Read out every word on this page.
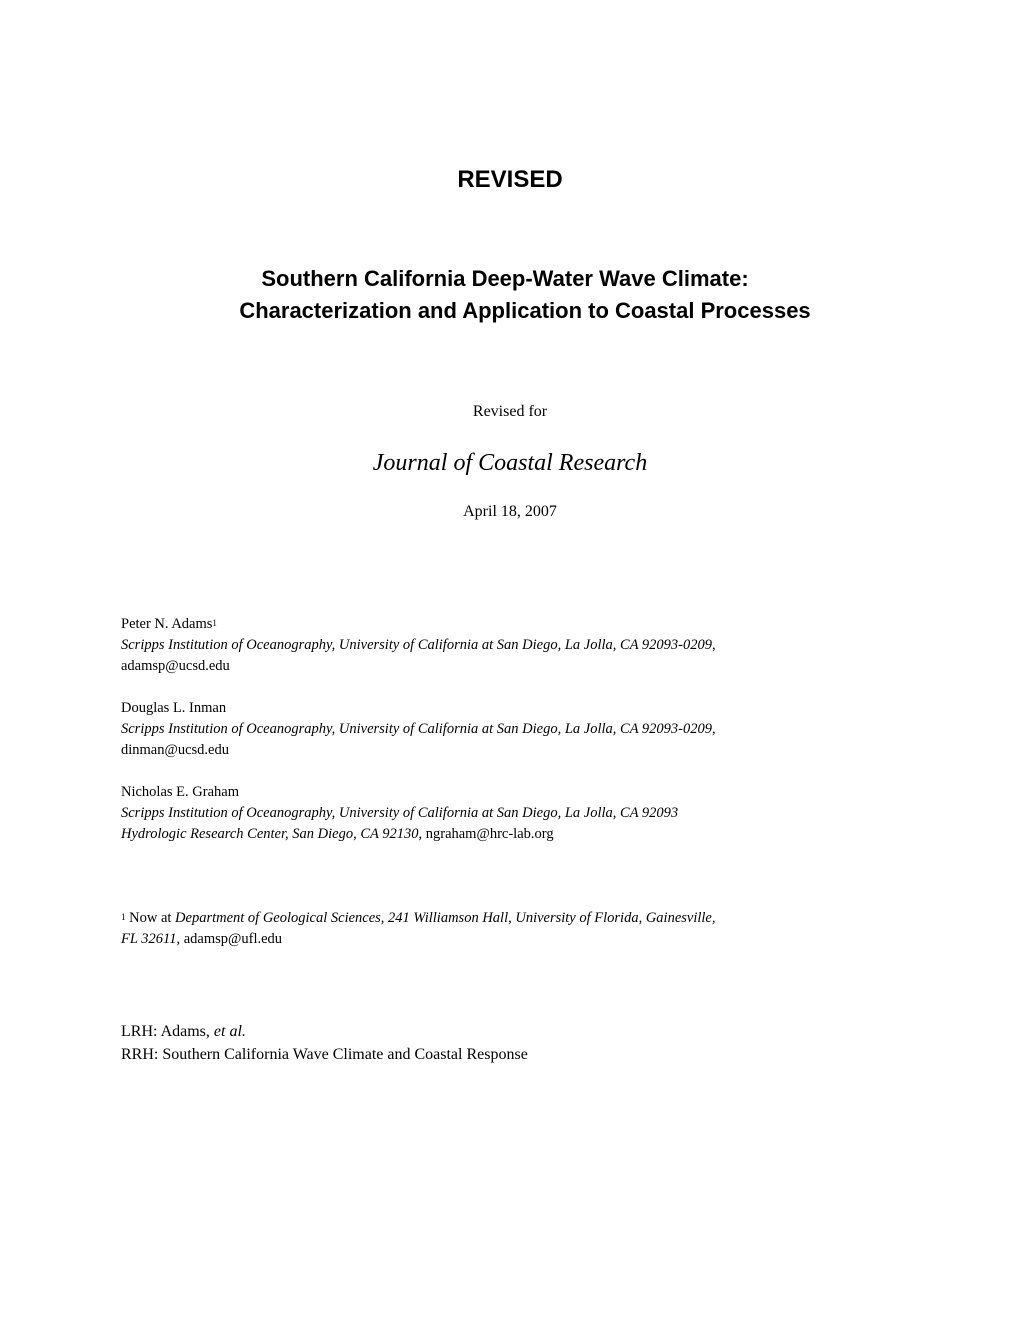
REVISED
Southern California Deep-Water Wave Climate:
Characterization and Application to Coastal Processes
Revised for
Journal of Coastal Research
April 18, 2007
Peter N. Adams$^1$
Scripps Institution of Oceanography, University of California at San Diego, La Jolla, CA 92093-0209,
adamsp@ucsd.edu
Douglas L. Inman
Scripps Institution of Oceanography, University of California at San Diego, La Jolla, CA 92093-0209,
dinman@ucsd.edu
Nicholas E. Graham
Scripps Institution of Oceanography, University of California at San Diego, La Jolla, CA 92093
Hydrologic Research Center, San Diego, CA 92130, ngraham@hrc-lab.org
$^1$ Now at Department of Geological Sciences, 241 Williamson Hall, University of Florida, Gainesville,
FL 32611, adamsp@ufl.edu
LRH: Adams, et al.
RRH: Southern California Wave Climate and Coastal Response
